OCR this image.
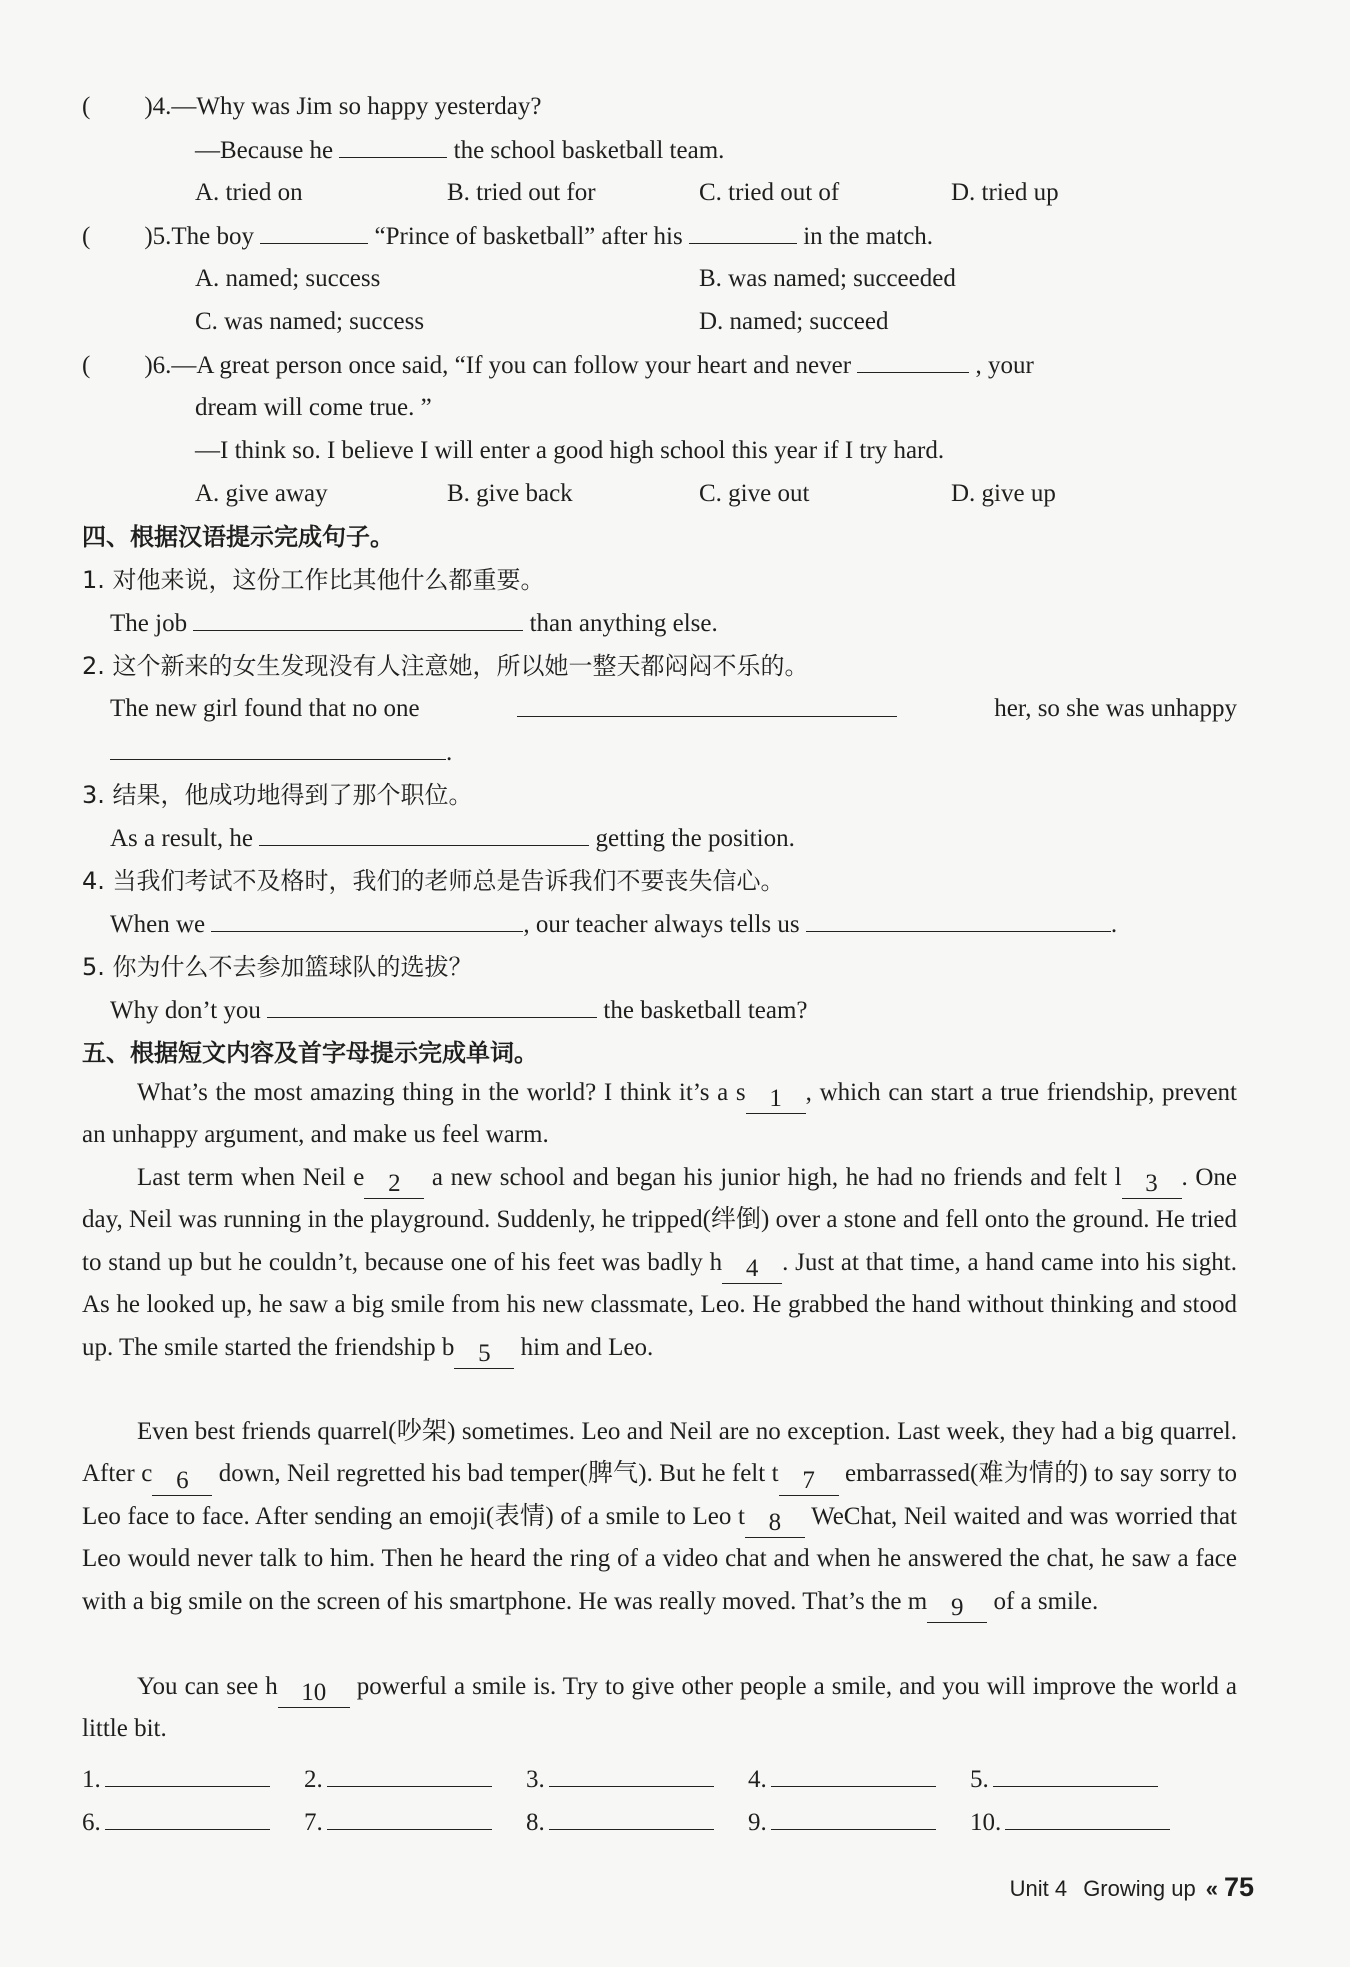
( )4.—Why was Jim so happy yesterday?
—Because he	the school basketball team.
A. tried on	B. tried out for	C. tried out of	D. tried up
( )5.The boy	“Prince of basketball” after his	in the match.
A. named; success	B. was named; succeeded
C. was named; success	D. named; succeed
( )6.—A great person once said, “If you can follow your heart and never	, your
dream will come true. ”
—I think so. I believe I will enter a good high school this year if I try hard.
A. give away	B. give back	C. give out	D. give up
四、根据汉语提示完成句子。
1. 对他来说，这份工作比其他什么都重要。
The job	than anything else.
2. 这个新来的女生发现没有人注意她，所以她一整天都闷闷不乐的。
The new girl found that no one	her, so she was unhappy
.
3. 结果，他成功地得到了那个职位。
As a result, he	getting the position.
4. 当我们考试不及格时，我们的老师总是告诉我们不要丧失信心。
When we	, our teacher always tells us	.
5. 你为什么不去参加篮球队的选拔？
Why don’t you	the basketball team?
五、根据短文内容及首字母提示完成单词。
What’s the most amazing thing in the world? I think it’s a s 1 , which can start a true friendship, prevent an unhappy argument, and make us feel warm.
Last term when Neil e 2 a new school and began his junior high, he had no friends and felt l 3 . One day, Neil was running in the playground. Suddenly, he tripped(绊倒) over a stone and fell onto the ground. He tried to stand up but he couldn’t, because one of his feet was badly h 4 . Just at that time, a hand came into his sight. As he looked up, he saw a big smile from his new classmate, Leo. He grabbed the hand without thinking and stood up. The smile started the friendship b 5 him and Leo.
Even best friends quarrel(吵架) sometimes. Leo and Neil are no exception. Last week, they had a big quarrel. After c 6 down, Neil regretted his bad temper(脾气). But he felt t 7 embarrassed(难为情的) to say sorry to Leo face to face. After sending an emoji(表情) of a smile to Leo t 8 WeChat, Neil waited and was worried that Leo would never talk to him. Then he heard the ring of a video chat and when he answered the chat, he saw a face with a big smile on the screen of his smartphone. He was really moved. That’s the m 9 of a smile.
You can see h 10 powerful a smile is. Try to give other people a smile, and you will improve the world a little bit.
1.	2.	3.	4.	5.
6.	7.	8.	9.	10.
Unit 4 Growing up « 75
